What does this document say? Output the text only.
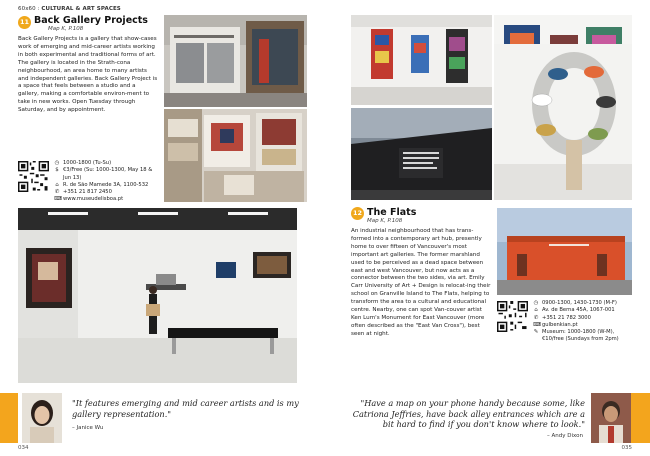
60x60 : CULTURAL & ART SPACES
11 Back Gallery Projects
Map K, P.108
Back Gallery Projects is a gallery that show-cases work of emerging and mid-career artists working in both experimental and traditional forms of art. The gallery is located in the Strath-cona neighbourhood, an area home to many artists and independent galleries. Back Gallery Project is a space that feels between a studio and a gallery, making a comfortable environ-ment to take in new works. Open Tuesday through Saturday, and by appointment.
◷ 1000-1800 (Tu-Su)
$ €3/Free (Su: 1000-1300, May 18 & Jun 13)
⌂ R. de São Mamede 3A, 1100-532
✆ +351 21 817 2450
⌨ www.museudelisboa.pt
"It features emerging and mid career artists and is my gallery representation."
– Janice Wu
034
12 The Flats
Map K, P.108
An industrial neighbourhood that has trans-formed into a contemporary art hub, presently home to over fifteen of Vancouver's most important art galleries. The former marshland used to be perceived as a dead space between east and west Vancouver, but now acts as a connector between the two sides, via art. Emily Carr University of Art + Design is relocat-ing their school on Granville Island to The Flats, helping to transform the area to a cultural and educational centre. Nearby, one can spot Van-couver artist Ken Lum's Monument for East Vancouver (more often described as the "East Van Cross"), best seen at night.
◷ 0900-1300, 1430-1730 (M-F)
⌂ Av. de Berna 45A, 1067-001
✆ +351 21 782 3000
⌨ gulbenkian.pt
✎ Museum: 1000-1800 (W-M), €10/free (Sundays from 2pm)
"Have a map on your phone handy because some, like Catriona Jeffries, have back alley entrances which are a bit hard to find if you don't know where to look."
– Andy Dixon
035
